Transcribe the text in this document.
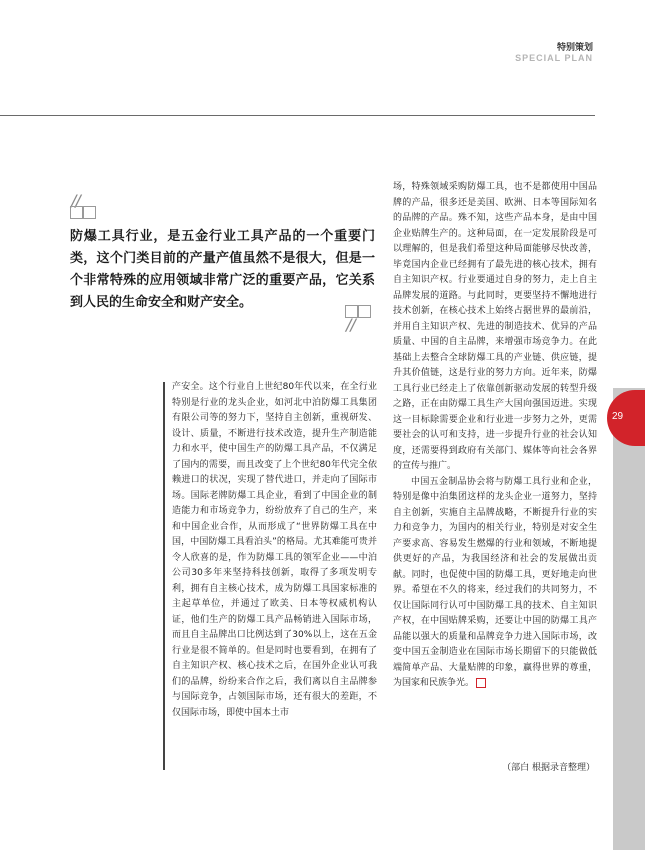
特别策划
SPECIAL PLAN
29
//

防爆工具行业，是五金行业工具产品的一个重要门类，这个门类目前的产量产值虽然不是很大，但是一个非常特殊的应用领域非常广泛的重要产品，它关系到人民的生命安全和财产安全。

//

产安全。这个行业自上世纪80年代以来，在全行业特别是行业的龙头企业，如河北中泊防爆工具集团有限公司等的努力下，坚持自主创新，重视研发、设计、质量，不断进行技术改造，提升生产制造能力和水平，使中国生产的防爆工具产品，不仅满足了国内的需要，而且改变了上个世纪80年代完全依赖进口的状况，实现了替代进口，并走向了国际市场。国际老牌防爆工具企业，看到了中国企业的制造能力和市场竞争力，纷纷放弃了自己的生产，来和中国企业合作，从而形成了“世界防爆工具在中国，中国防爆工具看泊头”的格局。尤其难能可贵并令人欣喜的是，作为防爆工具的领军企业——中泊公司30多年来坚持科技创新，取得了多项发明专利，拥有自主核心技术，成为防爆工具国家标准的主起草单位，并通过了欧美、日本等权威机构认证，他们生产的防爆工具产品畅销进入国际市场，而且自主品牌出口比例达到了30%以上，这在五金行业是很不简单的。但是同时也要看到，在拥有了自主知识产权、核心技术之后，在国外企业认可我们的品牌，纷纷来合作之后，我们离以自主品牌参与国际竞争，占领国际市场，还有很大的差距，不仅国际市场，即使中国本土市

场，特殊领域采购防爆工具，也不是都使用中国品牌的产品，很多还是美国、欧洲、日本等国际知名的品牌的产品。殊不知，这些产品本身，是由中国企业贴牌生产的。这种局面，在一定发展阶段是可以理解的，但是我们希望这种局面能够尽快改善，毕竟国内企业已经拥有了最先进的核心技术，拥有自主知识产权。行业要通过自身的努力，走上自主品牌发展的道路。与此同时，更要坚持不懈地进行技术创新，在核心技术上始终占据世界的最前沿，并用自主知识产权、先进的制造技术、优异的产品质量、中国的自主品牌，来增强市场竞争力。在此基础上去整合全球防爆工具的产业链、供应链，提升其价值链，这是行业的努力方向。近年来，防爆工具行业已经走上了依靠创新驱动发展的转型升级之路，正在由防爆工具生产大国向强国迈进。实现这一目标除需要企业和行业进一步努力之外，更需要社会的认可和支持，进一步提升行业的社会认知度，还需要得到政府有关部门、媒体等向社会各界的宣传与推广。

中国五金制品协会将与防爆工具行业和企业，特别是像中泊集团这样的龙头企业一道努力，坚持自主创新，实施自主品牌战略，不断提升行业的实力和竞争力，为国内的相关行业，特别是对安全生产要求高、容易发生燃爆的行业和领域，不断地提供更好的产品，为我国经济和社会的发展做出贡献。同时，也促使中国的防爆工具，更好地走向世界。希望在不久的将来，经过我们的共同努力，不仅让国际同行认可中国防爆工具的技术、自主知识产权，在中国贴牌采购，还要让中国的防爆工具产品能以强大的质量和品牌竞争力进入国际市场，改变中国五金制造业在国际市场长期留下的只能做低端简单产品、大量贴牌的印象，赢得世界的尊重，为国家和民族争光。

（部白 根据录音整理）
